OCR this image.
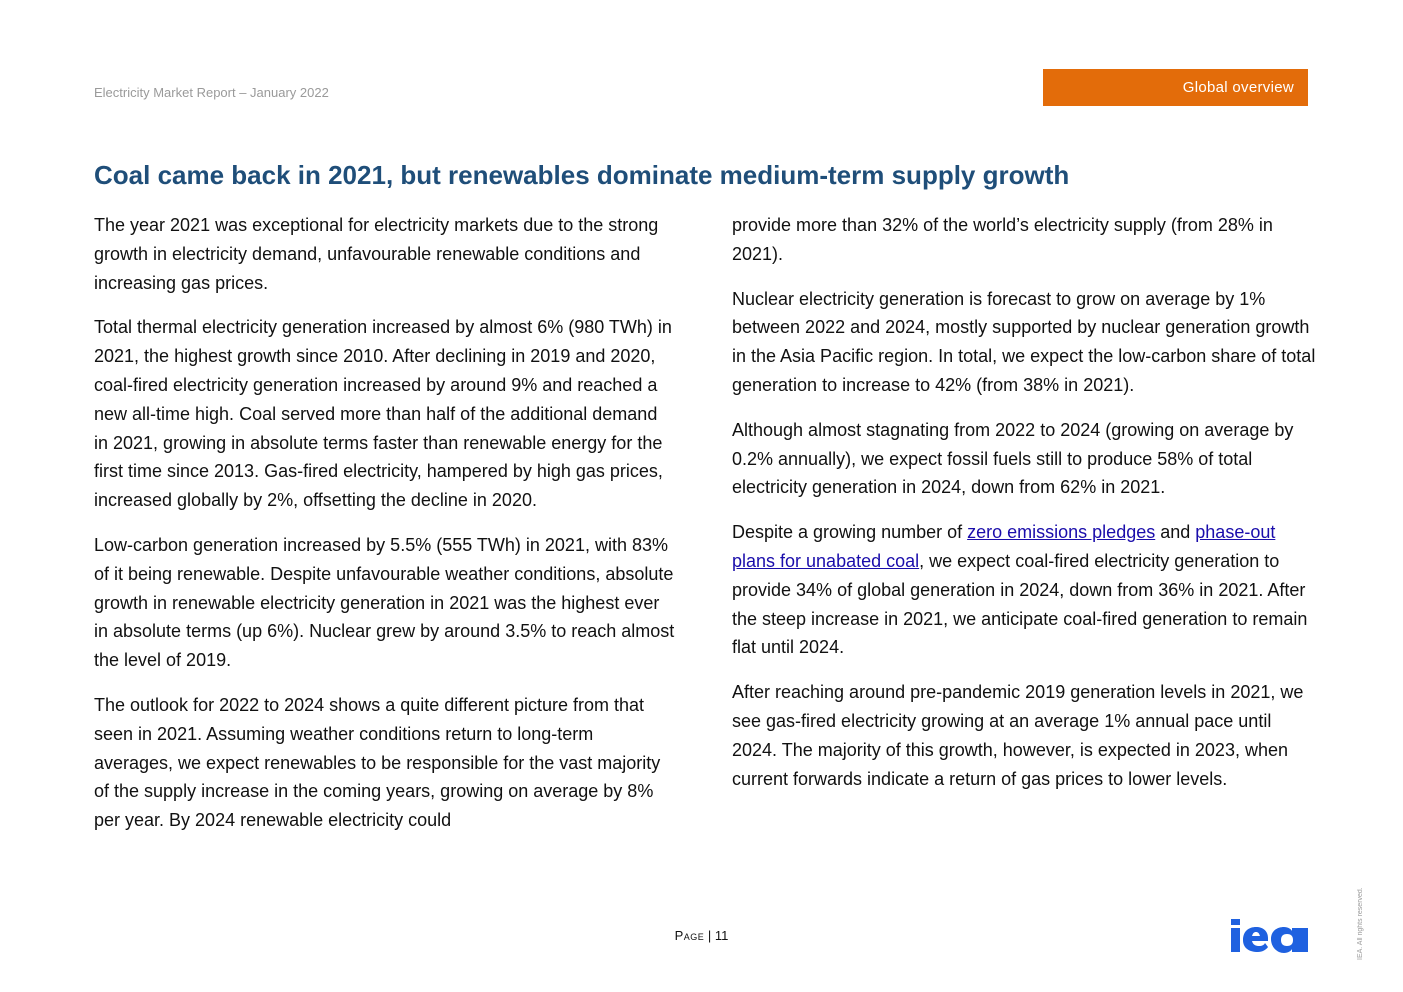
Electricity Market Report – January 2022	Global overview
Coal came back in 2021, but renewables dominate medium-term supply growth

The year 2021 was exceptional for electricity markets due to the strong growth in electricity demand, unfavourable renewable conditions and increasing gas prices.

Total thermal electricity generation increased by almost 6% (980 TWh) in 2021, the highest growth since 2010. After declining in 2019 and 2020, coal-fired electricity generation increased by around 9% and reached a new all-time high. Coal served more than half of the additional demand in 2021, growing in absolute terms faster than renewable energy for the first time since 2013. Gas-fired electricity, hampered by high gas prices, increased globally by 2%, offsetting the decline in 2020.

Low-carbon generation increased by 5.5% (555 TWh) in 2021, with 83% of it being renewable. Despite unfavourable weather conditions, absolute growth in renewable electricity generation in 2021 was the highest ever in absolute terms (up 6%). Nuclear grew by around 3.5% to reach almost the level of 2019.

The outlook for 2022 to 2024 shows a quite different picture from that seen in 2021. Assuming weather conditions return to long-term averages, we expect renewables to be responsible for the vast majority of the supply increase in the coming years, growing on average by 8% per year. By 2024 renewable electricity could

provide more than 32% of the world’s electricity supply (from 28% in 2021).

Nuclear electricity generation is forecast to grow on average by 1% between 2022 and 2024, mostly supported by nuclear generation growth in the Asia Pacific region. In total, we expect the low-carbon share of total generation to increase to 42% (from 38% in 2021).

Although almost stagnating from 2022 to 2024 (growing on average by 0.2% annually), we expect fossil fuels still to produce 58% of total electricity generation in 2024, down from 62% in 2021.

Despite a growing number of zero emissions pledges and phase-out plans for unabated coal, we expect coal-fired electricity generation to provide 34% of global generation in 2024, down from 36% in 2021. After the steep increase in 2021, we anticipate coal-fired generation to remain flat until 2024.

After reaching around pre-pandemic 2019 generation levels in 2021, we see gas-fired electricity growing at an average 1% annual pace until 2024. The majority of this growth, however, is expected in 2023, when current forwards indicate a return of gas prices to lower levels.

Page | 11
iea	IEA. All rights reserved.
